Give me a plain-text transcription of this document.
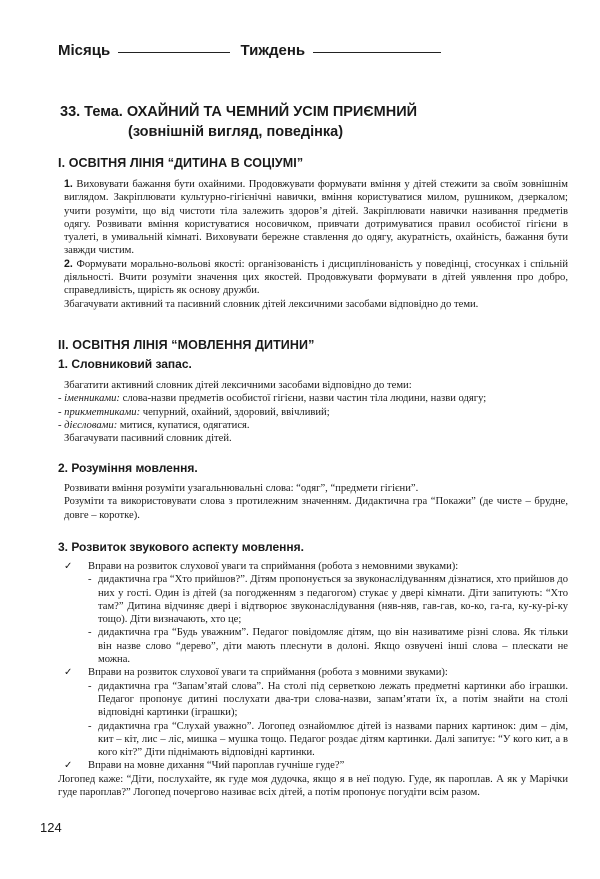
Місяць	Тиждень
33. Тема. ОХАЙНИЙ ТА ЧЕМНИЙ УСІМ ПРИЄМНИЙ
(зовнішній вигляд, поведінка)
І. ОСВІТНЯ ЛІНІЯ “ДИТИНА В СОЦІУМІ”

1. Виховувати бажання бути охайними. Продовжувати формувати вміння у дітей стежити за своїм зовнішнім виглядом. Закріплювати культурно-гігієнічні навички, вміння користуватися милом, рушником, дзеркалом; учити розуміти, що від чистоти тіла залежить здоров’я дітей. Закріплювати навички називання предметів одягу. Розвивати вміння користуватися носовичком, привчати дотримуватися правил особистої гігієни в туалеті, в умивальній кімнаті. Виховувати бережне ставлення до одягу, акуратність, охайність, бажання бути завжди чистим.

2. Формувати морально-вольові якості: організованість і дисциплінованість у поведінці, стосунках і спільній діяльності. Вчити розуміти значення цих якостей. Продовжувати формувати в дітей уявлення про добро, справедливість, щирість як основу дружби.

Збагачувати активний та пасивний словник дітей лексичними засобами відповідно до теми.

ІІ. ОСВІТНЯ ЛІНІЯ “МОВЛЕННЯ ДИТИНИ”
1. Словниковий запас.

Збагатити активний словник дітей лексичними засобами відповідно до теми:

- іменниками: слова-назви предметів особистої гігієни, назви частин тіла людини, назви одягу;

- прикметниками: чепурний, охайний, здоровий, ввічливий;

- дієсловами: митися, купатися, одягатися.

Збагачувати пасивний словник дітей.

2. Розуміння мовлення.

Розвивати вміння розуміти узагальнювальні слова: “одяг”, “предмети гігієни”.

Розуміти та використовувати слова з протилежним значенням. Дидактична гра “Покажи” (де чисте – брудне, довге – коротке).

3. Розвиток звукового аспекту мовлення.
✓ Вправи на розвиток слухової уваги та сприймання (робота з немовними звуками):
- дидактична гра “Хто прийшов?”. Дітям пропонується за звуконаслідуванням дізнатися, хто прийшов до них у гості. Один із дітей (за погодженням з педагогом) стукає у двері кімнати. Діти запитують: “Хто там?” Дитина відчиняє двері і відтворює звуконаслідування (няв-няв, гав-гав, ко-ко, га-га, ку-ку-рі-ку тощо). Діти визначають, хто це;
- дидактична гра “Будь уважним”. Педагог повідомляє дітям, що він називатиме різні слова. Як тільки він назве слово “дерево”, діти мають плеснути в долоні. Якщо озвучені інші слова – плескати не можна.
✓ Вправи на розвиток слухової уваги та сприймання (робота з мовними звуками):
- дидактична гра “Запам’ятай слова”. На столі під серветкою лежать предметні картинки або іграшки. Педагог пропонує дитині послухати два-три слова-назви, запам’ятати їх, а потім знайти на столі відповідні картинки (іграшки);
- дидактична гра “Слухай уважно”. Логопед ознайомлює дітей із назвами парних картинок: дим – дім, кит – кіт, лис – ліс, мишка – мушка тощо. Педагог роздає дітям картинки. Далі запитує: “У кого кит, а в кого кіт?” Діти піднімають відповідні картинки.
✓ Вправи на мовне дихання “Чий пароплав гучніше гуде?”

Логопед каже: “Діти, послухайте, як гуде моя дудочка, якщо я в неї подую. Гуде, як пароплав. А як у Марічки гуде пароплав?” Логопед почергово називає всіх дітей, а потім пропонує погудіти всім разом.

124
